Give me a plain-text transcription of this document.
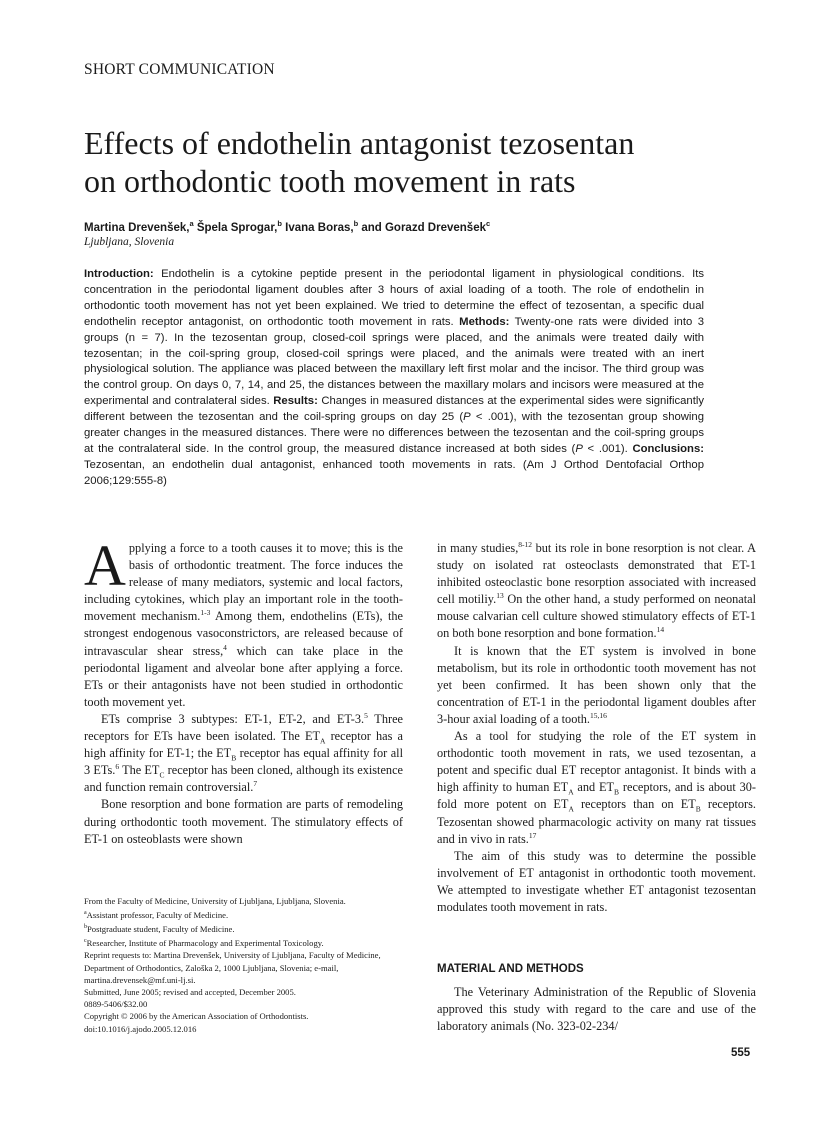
SHORT COMMUNICATION
Effects of endothelin antagonist tezosentan
on orthodontic tooth movement in rats
Martina Drevenšek,$^a$ Špela Sprogar,$^b$ Ivana Boras,$^b$ and Gorazd Drevenšek$^c$
Ljubljana, Slovenia

Introduction: Endothelin is a cytokine peptide present in the periodontal ligament in physiological conditions. Its concentration in the periodontal ligament doubles after 3 hours of axial loading of a tooth. The role of endothelin in orthodontic tooth movement has not yet been explained. We tried to determine the effect of tezosentan, a specific dual endothelin receptor antagonist, on orthodontic tooth movement in rats. Methods: Twenty-one rats were divided into 3 groups (n = 7). In the tezosentan group, closed-coil springs were placed, and the animals were treated daily with tezosentan; in the coil-spring group, closed-coil springs were placed, and the animals were treated with an inert physiological solution. The appliance was placed between the maxillary left first molar and the incisor. The third group was the control group. On days 0, 7, 14, and 25, the distances between the maxillary molars and incisors were measured at the experimental and contralateral sides. Results: Changes in measured distances at the experimental sides were significantly different between the tezosentan and the coil-spring groups on day 25 (P < .001), with the tezosentan group showing greater changes in the measured distances. There were no differences between the tezosentan and the coil-spring groups at the contralateral side. In the control group, the measured distance increased at both sides (P < .001). Conclusions: Tezosentan, an endothelin dual antagonist, enhanced tooth movements in rats. (Am J Orthod Dentofacial Orthop 2006;129:555-8)

Applying a force to a tooth causes it to move; this is the basis of orthodontic treatment. The force induces the release of many mediators, systemic and local factors, including cytokines, which play an important role in the tooth-movement mechanism.$^{1-3}$ Among them, endothelins (ETs), the strongest endogenous vasoconstrictors, are released because of intravascular shear stress,$^4$ which can take place in the periodontal ligament and alveolar bone after applying a force. ETs or their antagonists have not been studied in orthodontic tooth movement yet.

ETs comprise 3 subtypes: ET-1, ET-2, and ET-3.$^5$ Three receptors for ETs have been isolated. The $ET_A$ receptor has a high affinity for ET-1; the $ET_B$ receptor has equal affinity for all 3 ETs.$^6$ The $ET_C$ receptor has been cloned, although its existence and function remain controversial.$^7$

Bone resorption and bone formation are parts of remodeling during orthodontic tooth movement. The stimulatory effects of ET-1 on osteoblasts were shown

From the Faculty of Medicine, University of Ljubljana, Ljubljana, Slovenia.
$^a$Assistant professor, Faculty of Medicine.
$^b$Postgraduate student, Faculty of Medicine.
$^c$Researcher, Institute of Pharmacology and Experimental Toxicology.
Reprint requests to: Martina Drevenšek, University of Ljubljana, Faculty of Medicine, Department of Orthodontics, Zaloška 2, 1000 Ljubljana, Slovenia; e-mail, martina.drevensek@mf.uni-lj.si.
Submitted, June 2005; revised and accepted, December 2005.
0889-5406/$32.00
Copyright © 2006 by the American Association of Orthodontists.
doi:10.1016/j.ajodo.2005.12.016

in many studies,$^{8-12}$ but its role in bone resorption is not clear. A study on isolated rat osteoclasts demonstrated that ET-1 inhibited osteoclastic bone resorption associated with increased cell motiliy.$^{13}$ On the other hand, a study performed on neonatal mouse calvarian cell culture showed stimulatory effects of ET-1 on both bone resorption and bone formation.$^{14}$

It is known that the ET system is involved in bone metabolism, but its role in orthodontic tooth movement has not yet been confirmed. It has been shown only that the concentration of ET-1 in the periodontal ligament doubles after 3-hour axial loading of a tooth.$^{15,16}$

As a tool for studying the role of the ET system in orthodontic tooth movement in rats, we used tezosentan, a potent and specific dual ET receptor antagonist. It binds with a high affinity to human $ET_A$ and $ET_B$ receptors, and is about 30-fold more potent on $ET_A$ receptors than on $ET_B$ receptors. Tezosentan showed pharmacologic activity on many rat tissues and in vivo in rats.$^{17}$

The aim of this study was to determine the possible involvement of ET antagonist in orthodontic tooth movement. We attempted to investigate whether ET antagonist tezosentan modulates tooth movement in rats.

MATERIAL AND METHODS

The Veterinary Administration of the Republic of Slovenia approved this study with regard to the care and use of the laboratory animals (No. 323-02-234/

555
